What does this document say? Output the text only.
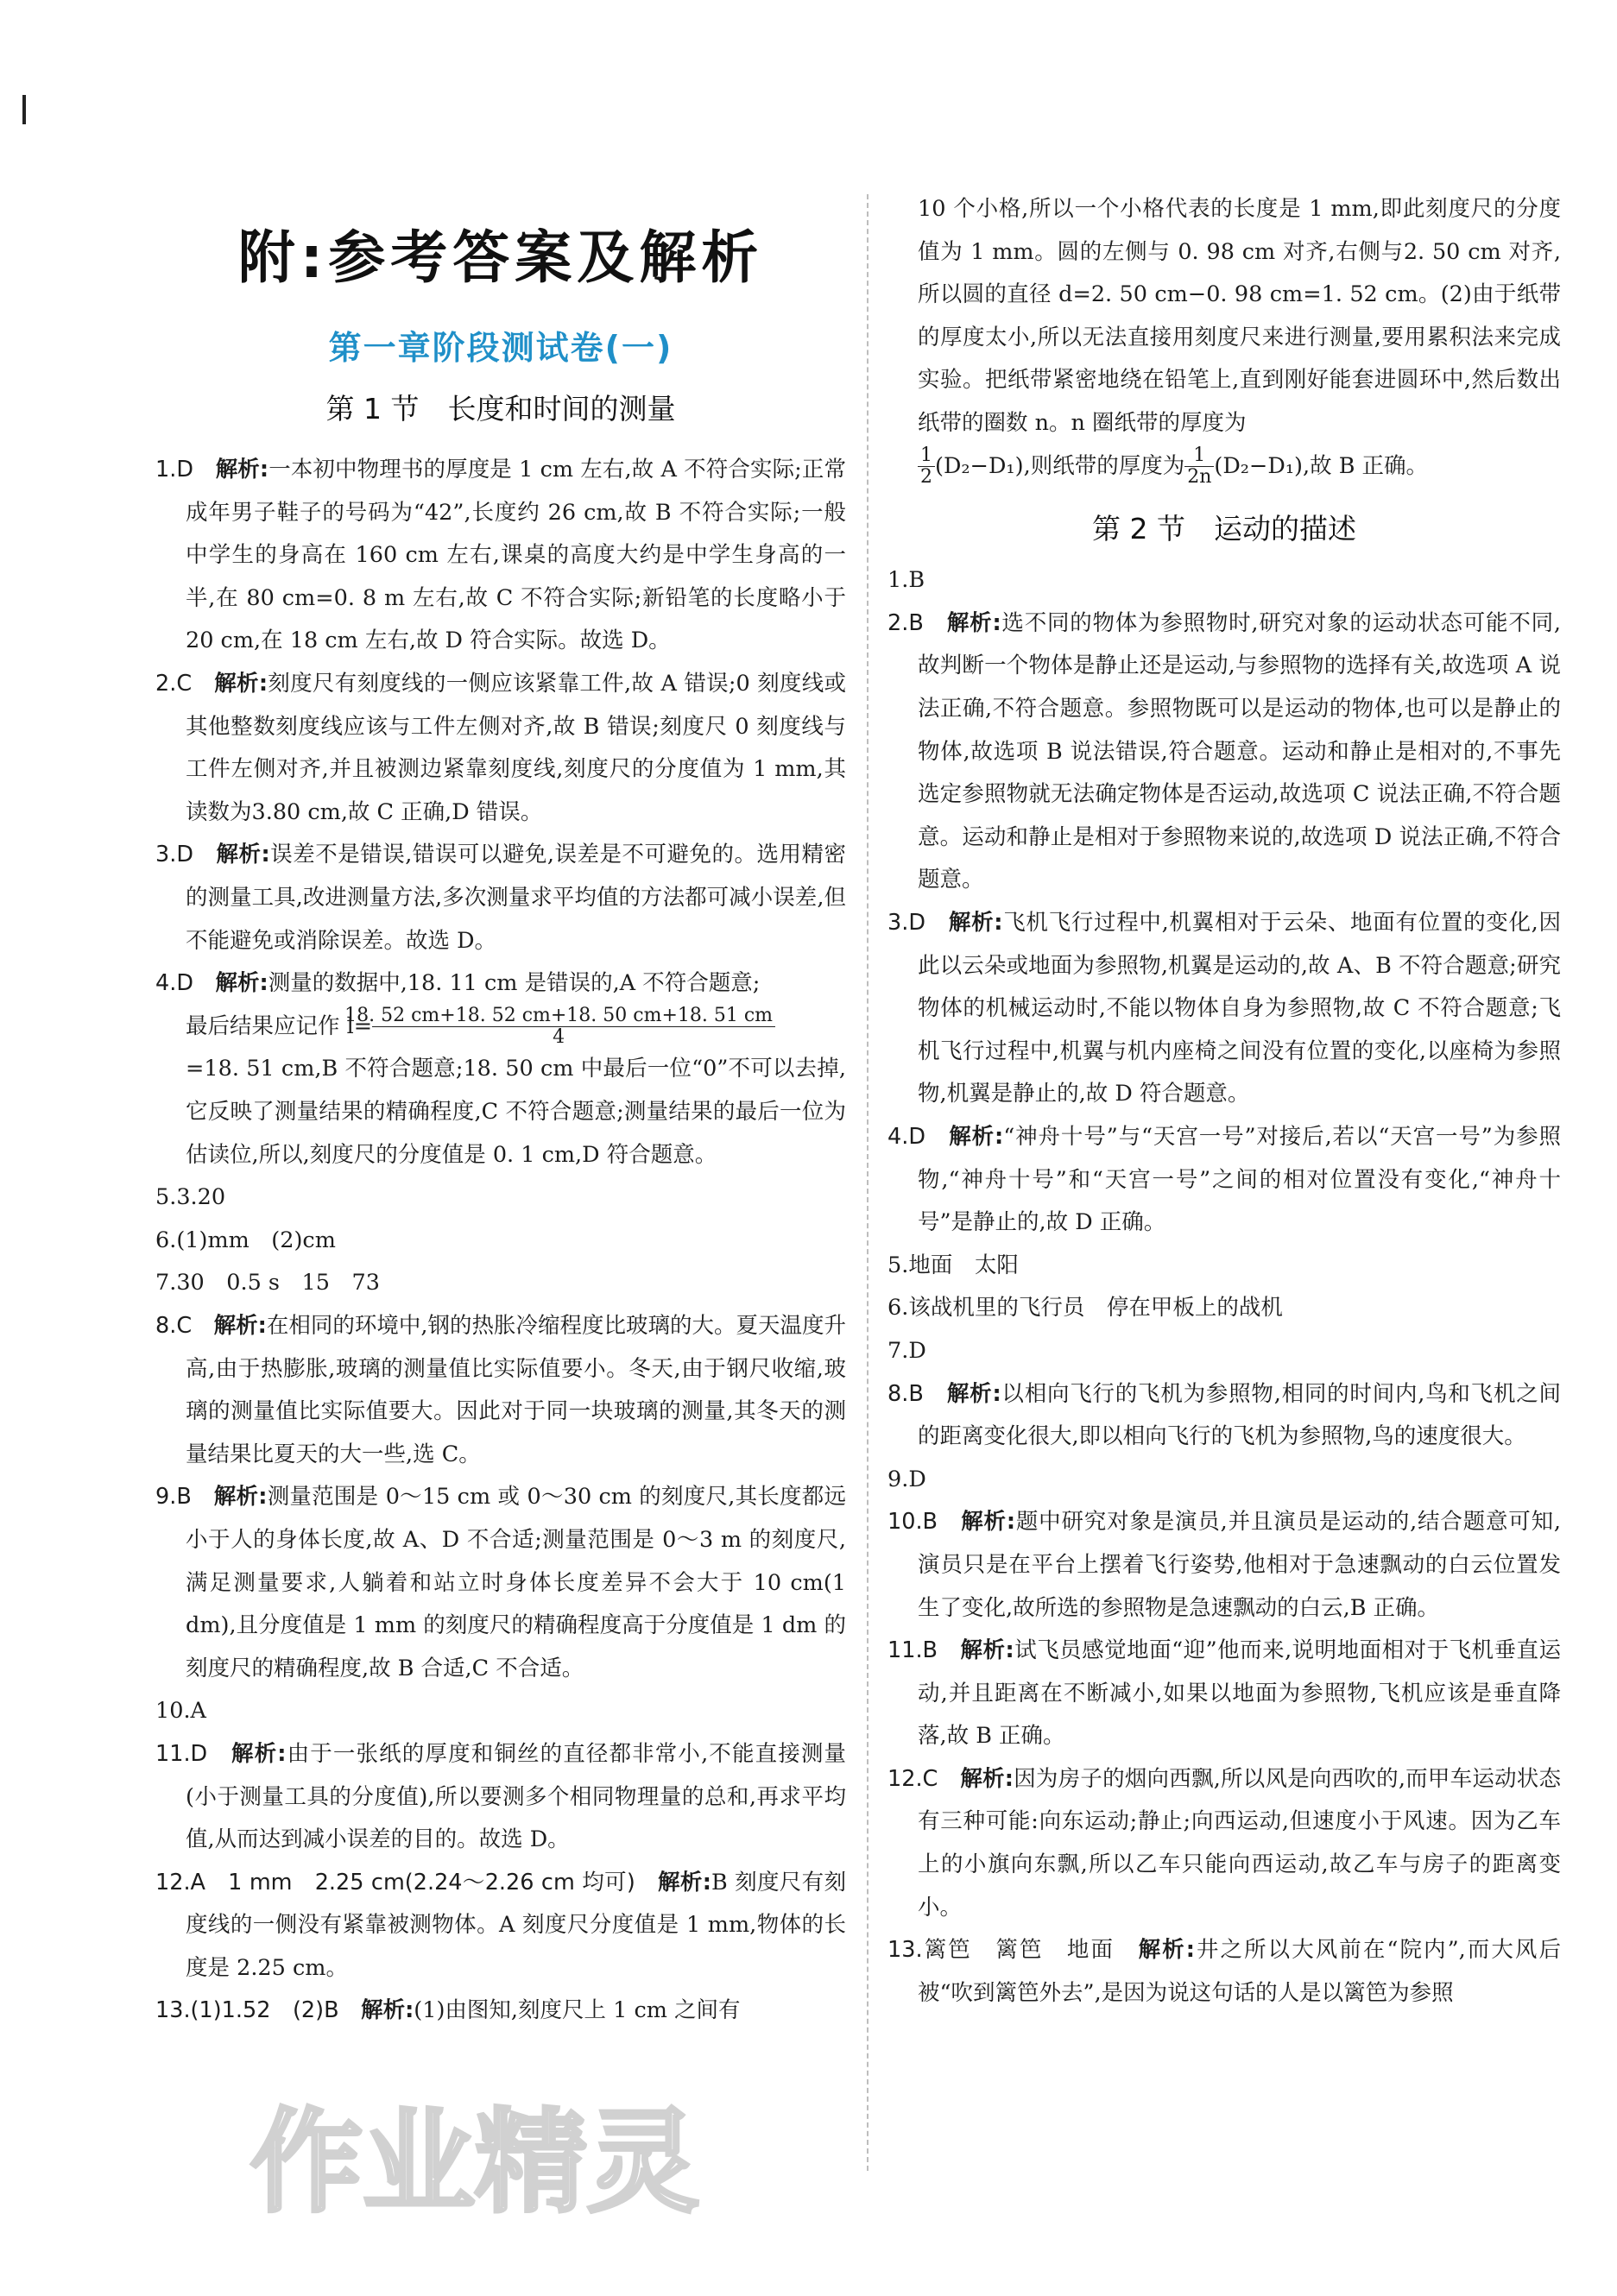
附:参考答案及解析
第一章阶段测试卷(一)

第 1 节　长度和时间的测量

1.D　 解析:一本初中物理书的厚度是 1 cm 左右,故 A 不符合实际;正常成年男子鞋子的号码为“42”,长度约 26 cm,故 B 不符合实际;一般中学生的身高在 160 cm 左右,课桌的高度大约是中学生身高的一半,在 80 cm=0. 8 m 左右,故 C 不符合实际;新铅笔的长度略小于 20 cm,在 18 cm 左右,故 D 符合实际。故选 D。

2.C　 解析:刻度尺有刻度线的一侧应该紧靠工件,故 A 错误;0 刻度线或其他整数刻度线应该与工件左侧对齐,故 B 错误;刻度尺 0 刻度线与工件左侧对齐,并且被测边紧靠刻度线,刻度尺的分度值为 1 mm,其读数为3.80 cm,故 C 正确,D 错误。

3.D　 解析:误差不是错误,错误可以避免,误差是不可避免的。选用精密的测量工具,改进测量方法,多次测量求平均值的方法都可减小误差,但不能避免或消除误差。故选 D。

4.D　 解析:测量的数据中,18. 11 cm 是错误的,A 不符合题意;
最后结果应记作 $l= \frac{18. 52 cm+18. 52 cm+18. 50 cm+18. 51 cm}{4}$

=18. 51 cm,B 不符合题意;18. 50 cm 中最后一位“0”不可以去掉,它反映了测量结果的精确程度,C 不符合题意;测量结果的最后一位为估读位,所以,刻度尺的分度值是 0. 1 cm,D 符合题意。

5.3.20

6.(1)mm　(2)cm

7.30　0.5 s　15　73

8.C　 解析:在相同的环境中,钢的热胀冷缩程度比玻璃的大。夏天温度升高,由于热膨胀,玻璃的测量值比实际值要小。冬天,由于钢尺收缩,玻璃的测量值比实际值要大。因此对于同一块玻璃的测量,其冬天的测量结果比夏天的大一些,选 C。

9.B　 解析:测量范围是 0～15 cm 或 0～30 cm 的刻度尺,其长度都远小于人的身体长度,故 A、D 不合适;测量范围是 0～3 m 的刻度尺,满足测量要求,人躺着和站立时身体长度差异不会大于 10 cm(1 dm),且分度值是 1 mm 的刻度尺的精确程度高于分度值是 1 dm 的刻度尺的精确程度,故 B 合适,C 不合适。

10.A

11.D　 解析:由于一张纸的厚度和铜丝的直径都非常小,不能直接测量(小于测量工具的分度值),所以要测多个相同物理量的总和,再求平均值,从而达到减小误差的目的。故选 D。

12.A　1 mm　2.25 cm(2.24～2.26 cm 均可)　 解析:B 刻度尺有刻度线的一侧没有紧靠被测物体。A 刻度尺分度值是 1 mm,物体的长度是 2.25 cm。

13.(1)1.52　(2)B　 解析:(1)由图知,刻度尺上 1 cm 之间有

10 个小格,所以一个小格代表的长度是 1 mm,即此刻度尺的分度值为 1 mm。圆的左侧与 0. 98 cm 对齐,右侧与2. 50 cm 对齐,所以圆的直径 d=2. 50 cm−0. 98 cm=1. 52 cm。(2)由于纸带的厚度太小,所以无法直接用刻度尺来进行测量,要用累积法来完成实验。把纸带紧密地绕在铅笔上,直到刚好能套进圆环中,然后数出纸带的圈数 n。n 圈纸带的厚度为

$\frac{1}{2} (D_2-D_1)$,则纸带的厚度为 $\frac{1}{2n} (D_2-D_1)$,故 B 正确。

第 2 节　运动的描述

1.B

2.B　 解析:选不同的物体为参照物时,研究对象的运动状态可能不同,故判断一个物体是静止还是运动,与参照物的选择有关,故选项 A 说法正确,不符合题意。参照物既可以是运动的物体,也可以是静止的物体,故选项 B 说法错误,符合题意。运动和静止是相对的,不事先选定参照物就无法确定物体是否运动,故选项 C 说法正确,不符合题意。运动和静止是相对于参照物来说的,故选项 D 说法正确,不符合题意。

3.D　 解析:飞机飞行过程中,机翼相对于云朵、地面有位置的变化,因此以云朵或地面为参照物,机翼是运动的,故 A、B 不符合题意;研究物体的机械运动时,不能以物体自身为参照物,故 C 不符合题意;飞机飞行过程中,机翼与机内座椅之间没有位置的变化,以座椅为参照物,机翼是静止的,故 D 符合题意。

4.D　 解析:“神舟十号”与“天宫一号”对接后,若以“天宫一号”为参照物,“神舟十号”和“天宫一号”之间的相对位置没有变化,“神舟十号”是静止的,故 D 正确。

5.地面　太阳

6.该战机里的飞行员　停在甲板上的战机

7.D

8.B　 解析:以相向飞行的飞机为参照物,相同的时间内,鸟和飞机之间的距离变化很大,即以相向飞行的飞机为参照物,鸟的速度很大。

9.D

10.B　 解析:题中研究对象是演员,并且演员是运动的,结合题意可知,演员只是在平台上摆着飞行姿势,他相对于急速飘动的白云位置发生了变化,故所选的参照物是急速飘动的白云,B 正确。

11.B　 解析:试飞员感觉地面“迎”他而来,说明地面相对于飞机垂直运动,并且距离在不断减小,如果以地面为参照物,飞机应该是垂直降落,故 B 正确。

12.C　 解析:因为房子的烟向西飘,所以风是向西吹的,而甲车运动状态有三种可能:向东运动;静止;向西运动,但速度小于风速。因为乙车上的小旗向东飘,所以乙车只能向西运动,故乙车与房子的距离变小。

13.篱笆　篱笆　地面　 解析:井之所以大风前在“院内”,而大风后被“吹到篱笆外去”,是因为说这句话的人是以篱笆为参照

作业精灵
